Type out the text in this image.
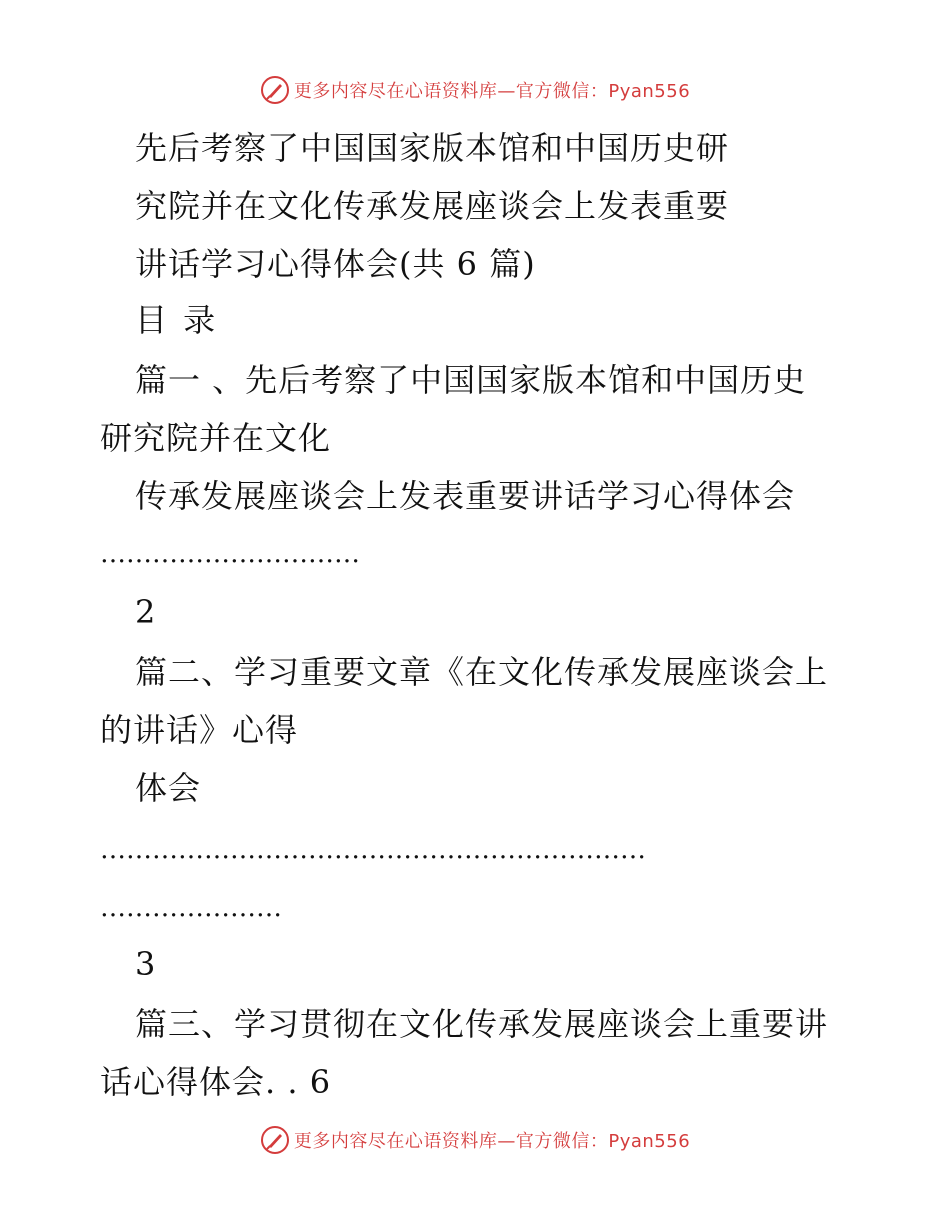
更多内容尽在心语资料库—官方微信：Pyan556
先后考察了中国国家版本馆和中国历史研
究院并在文化传承发展座谈会上发表重要
讲话学习心得体会(共 6 篇)
目 录
篇一 、先后考察了中国国家版本馆和中国历史
研究院并在文化
传承发展座谈会上发表重要讲话学习心得体会
…………………………
2
篇二、学习重要文章《在文化传承发展座谈会上
的讲话》心得
体会
………………………………………………………
…………………
3
篇三、学习贯彻在文化传承发展座谈会上重要讲
话心得体会. . 6
更多内容尽在心语资料库—官方微信：Pyan556
